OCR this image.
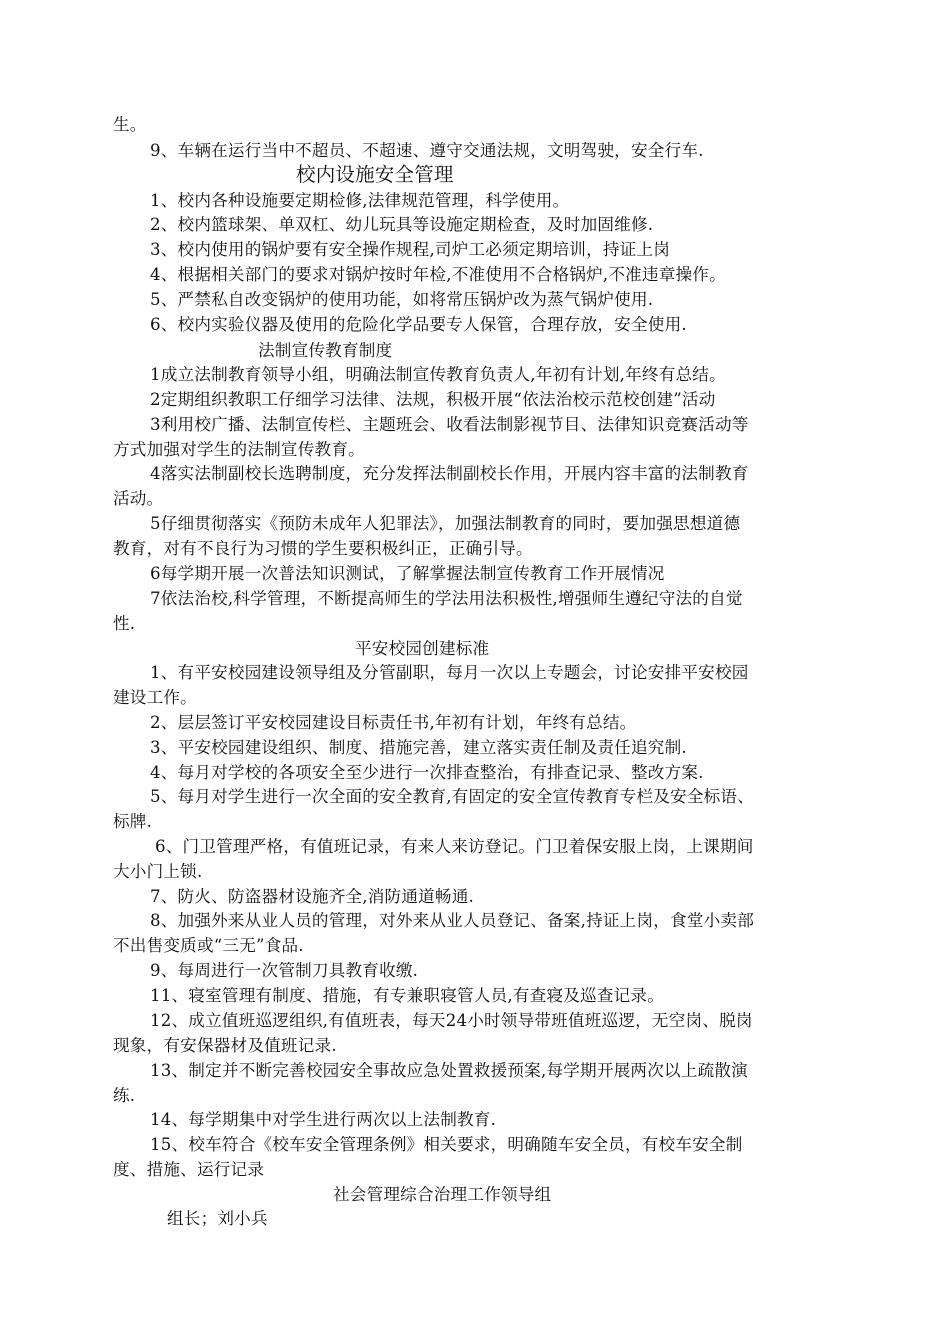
生。
9、车辆在运行当中不超员、不超速、遵守交通法规，文明驾驶，安全行车.
校内设施安全管理
1、校内各种设施要定期检修,法律规范管理，科学使用。
2、校内篮球架、单双杠、幼儿玩具等设施定期检查，及时加固维修.
3、校内使用的锅炉要有安全操作规程,司炉工必须定期培训，持证上岗
4、根据相关部门的要求对锅炉按时年检,不准使用不合格锅炉,不准违章操作。
5、严禁私自改变锅炉的使用功能，如将常压锅炉改为蒸气锅炉使用.
6、校内实验仪器及使用的危险化学品要专人保管，合理存放，安全使用.
法制宣传教育制度
1成立法制教育领导小组，明确法制宣传教育负责人,年初有计划,年终有总结。
2定期组织教职工仔细学习法律、法规，积极开展“依法治校示范校创建”活动
3利用校广播、法制宣传栏、主题班会、收看法制影视节目、法律知识竞赛活动等
方式加强对学生的法制宣传教育。
4落实法制副校长选聘制度，充分发挥法制副校长作用，开展内容丰富的法制教育
活动。
5仔细贯彻落实《预防未成年人犯罪法》，加强法制教育的同时，要加强思想道德
教育，对有不良行为习惯的学生要积极纠正，正确引导。
6每学期开展一次普法知识测试，了解掌握法制宣传教育工作开展情况
7依法治校,科学管理，不断提高师生的学法用法积极性,增强师生遵纪守法的自觉
性.
平安校园创建标准
1、有平安校园建设领导组及分管副职，每月一次以上专题会，讨论安排平安校园
建设工作。
2、层层签订平安校园建设目标责任书,年初有计划，年终有总结。
3、平安校园建设组织、制度、措施完善，建立落实责任制及责任追究制.
4、每月对学校的各项安全至少进行一次排查整治，有排查记录、整改方案.
5、每月对学生进行一次全面的安全教育,有固定的安全宣传教育专栏及安全标语、
标牌.
6、门卫管理严格，有值班记录，有来人来访登记。门卫着保安服上岗，上课期间
大小门上锁.
7、防火、防盗器材设施齐全,消防通道畅通.
8、加强外来从业人员的管理，对外来从业人员登记、备案,持证上岗，食堂小卖部
不出售变质或“三无”食品.
9、每周进行一次管制刀具教育收缴.
11、寝室管理有制度、措施，有专兼职寝管人员,有查寝及巡查记录。
12、成立值班巡逻组织,有值班表，每天24小时领导带班值班巡逻，无空岗、脱岗
现象，有安保器材及值班记录.
13、制定并不断完善校园安全事故应急处置救援预案,每学期开展两次以上疏散演
练.
14、每学期集中对学生进行两次以上法制教育.
15、校车符合《校车安全管理条例》相关要求，明确随车安全员，有校车安全制
度、措施、运行记录
社会管理综合治理工作领导组
组长；刘小兵
